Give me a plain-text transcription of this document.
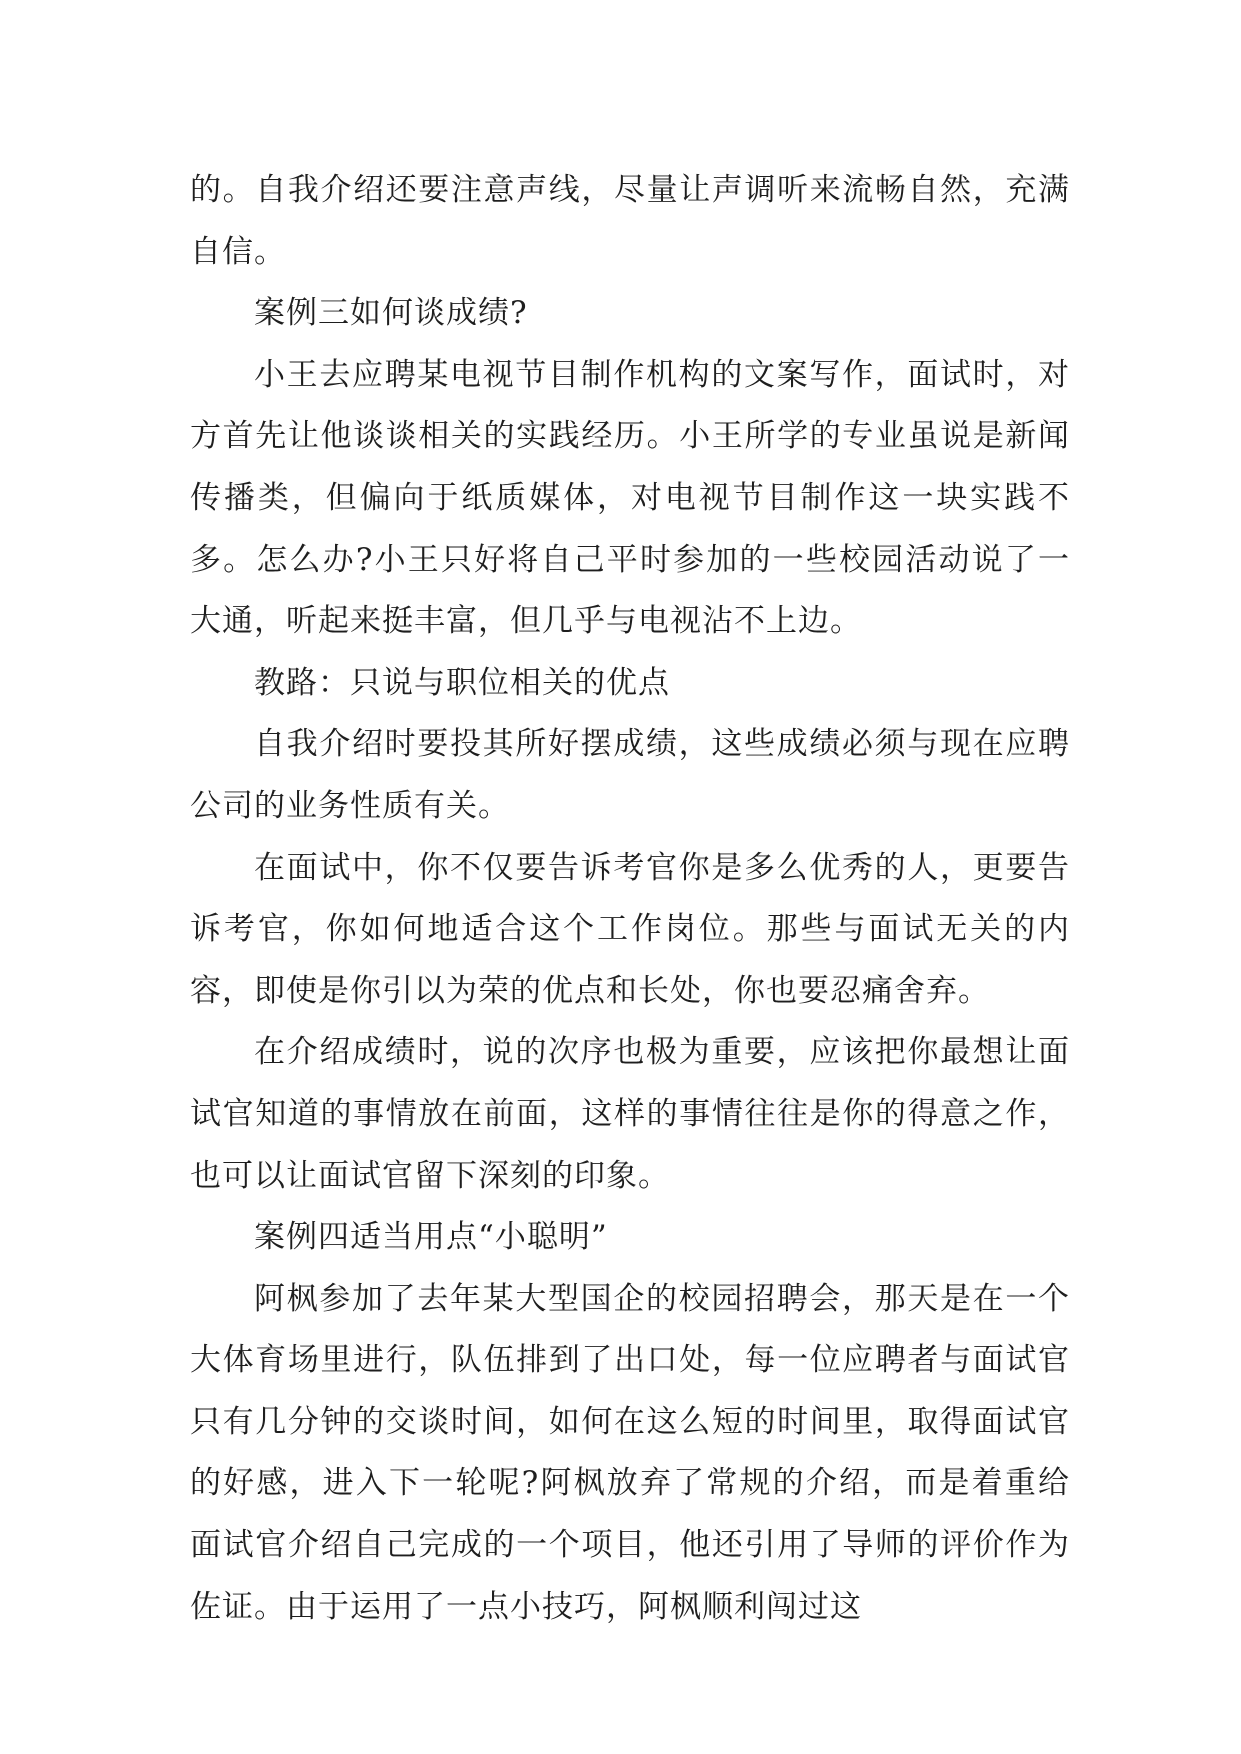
的。自我介绍还要注意声线，尽量让声调听来流畅自然，充满自信。

案例三如何谈成绩?

小王去应聘某电视节目制作机构的文案写作，面试时，对方首先让他谈谈相关的实践经历。小王所学的专业虽说是新闻传播类，但偏向于纸质媒体，对电视节目制作这一块实践不多。怎么办?小王只好将自己平时参加的一些校园活动说了一大通，听起来挺丰富，但几乎与电视沾不上边。

教路：只说与职位相关的优点

自我介绍时要投其所好摆成绩，这些成绩必须与现在应聘公司的业务性质有关。

在面试中，你不仅要告诉考官你是多么优秀的人，更要告诉考官，你如何地适合这个工作岗位。那些与面试无关的内容，即使是你引以为荣的优点和长处，你也要忍痛舍弃。

在介绍成绩时，说的次序也极为重要，应该把你最想让面试官知道的事情放在前面，这样的事情往往是你的得意之作，也可以让面试官留下深刻的印象。

案例四适当用点“小聪明”

阿枫参加了去年某大型国企的校园招聘会，那天是在一个大体育场里进行，队伍排到了出口处，每一位应聘者与面试官只有几分钟的交谈时间，如何在这么短的时间里，取得面试官的好感，进入下一轮呢?阿枫放弃了常规的介绍，而是着重给面试官介绍自己完成的一个项目，他还引用了导师的评价作为佐证。由于运用了一点小技巧，阿枫顺利闯过这
